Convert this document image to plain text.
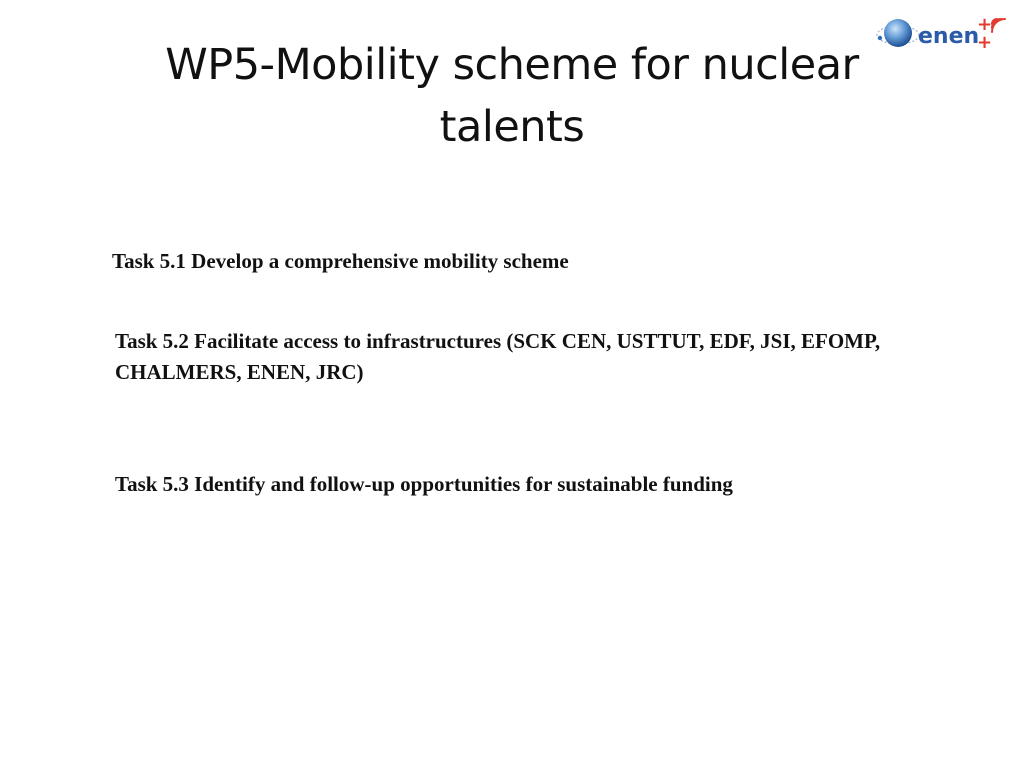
enen
+
+
WP5-Mobility scheme for nuclear talents

Task 5.1 Develop a comprehensive mobility scheme

Task 5.2 Facilitate access to infrastructures (SCK CEN, USTTUT, EDF, JSI, EFOMP, CHALMERS, ENEN, JRC)

Task 5.3 Identify and follow-up opportunities for sustainable funding
